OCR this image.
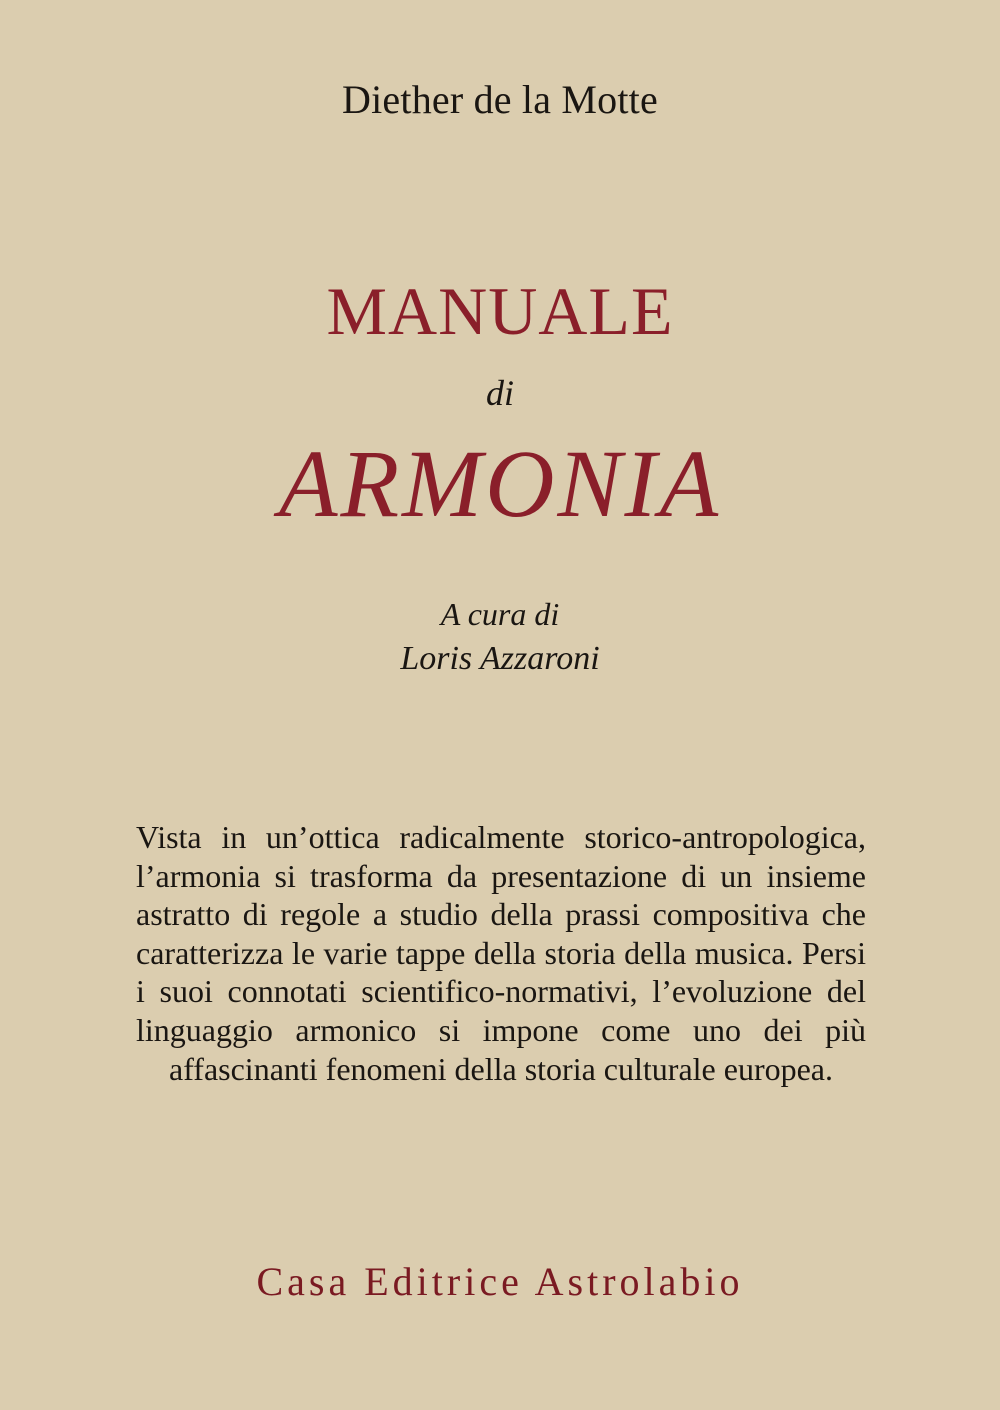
Diether de la Motte
MANUALE
di
ARMONIA
A cura di
Loris Azzaroni
Vista in un’ottica radicalmente storico-antropologica, l’armonia si trasforma da presentazione di un insieme astratto di regole a studio della prassi compositiva che caratterizza le varie tappe della storia della musica. Persi i suoi connotati scientifico-normativi, l’evoluzione del linguaggio armonico si impone come uno dei più affascinanti fenomeni della storia culturale europea.
Casa Editrice Astrolabio
